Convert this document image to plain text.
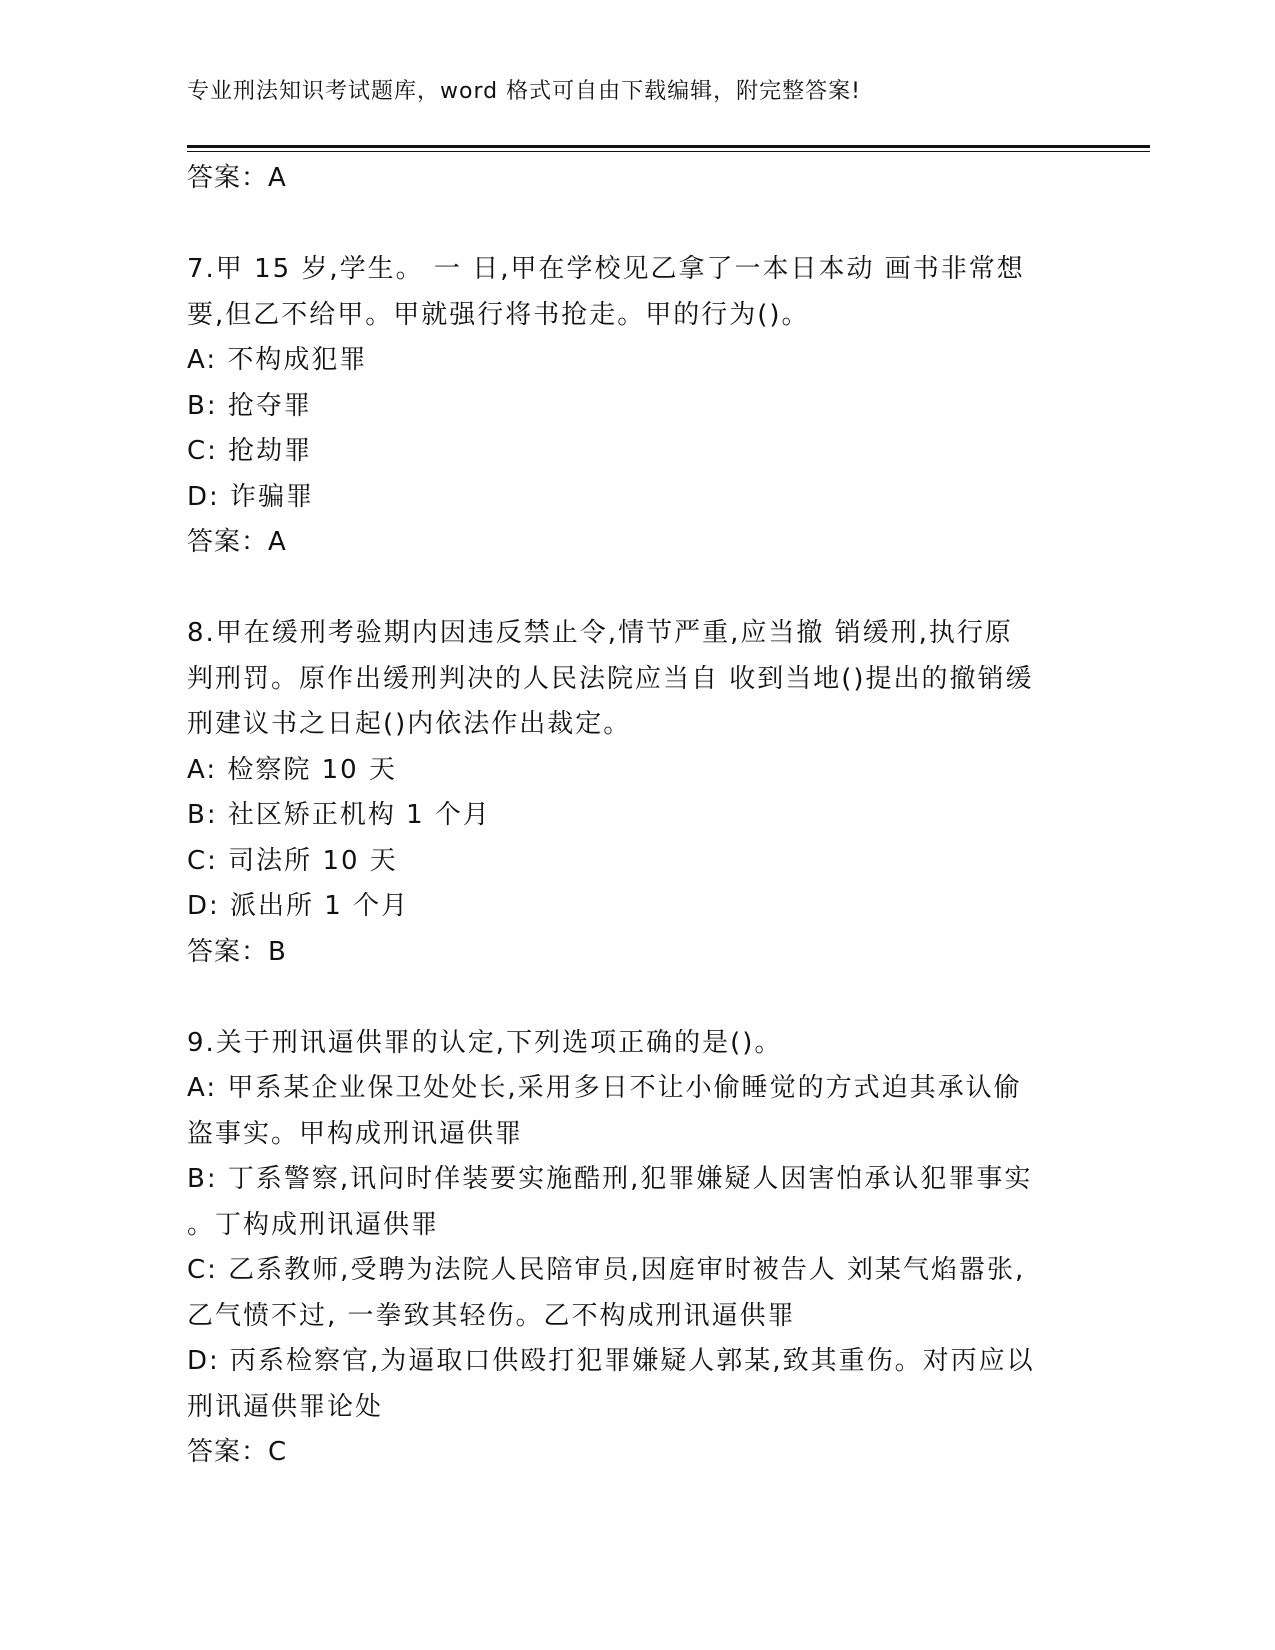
专业刑法知识考试题库，word 格式可自由下载编辑，附完整答案!
答案：A
7.甲 15 岁,学生。 一 日,甲在学校见乙拿了一本日本动 画书非常想
要,但乙不给甲。甲就强行将书抢走。甲的行为()。
A: 不构成犯罪
B: 抢夺罪
C: 抢劫罪
D: 诈骗罪
答案：A
8.甲在缓刑考验期内因违反禁止令,情节严重,应当撤 销缓刑,执行原
判刑罚。原作出缓刑判决的人民法院应当自 收到当地()提出的撤销缓
刑建议书之日起()内依法作出裁定。
A: 检察院 10 天
B: 社区矫正机构 1 个月
C: 司法所 10 天
D: 派出所 1 个月
答案：B
9.关于刑讯逼供罪的认定,下列选项正确的是()。
A: 甲系某企业保卫处处长,采用多日不让小偷睡觉的方式迫其承认偷
盗事实。甲构成刑讯逼供罪
B: 丁系警察,讯问时佯装要实施酷刑,犯罪嫌疑人因害怕承认犯罪事实
。丁构成刑讯逼供罪
C: 乙系教师,受聘为法院人民陪审员,因庭审时被告人 刘某气焰嚣张,
乙气愤不过, 一拳致其轻伤。乙不构成刑讯逼供罪
D: 丙系检察官,为逼取口供殴打犯罪嫌疑人郭某,致其重伤。对丙应以
刑讯逼供罪论处
答案：C
